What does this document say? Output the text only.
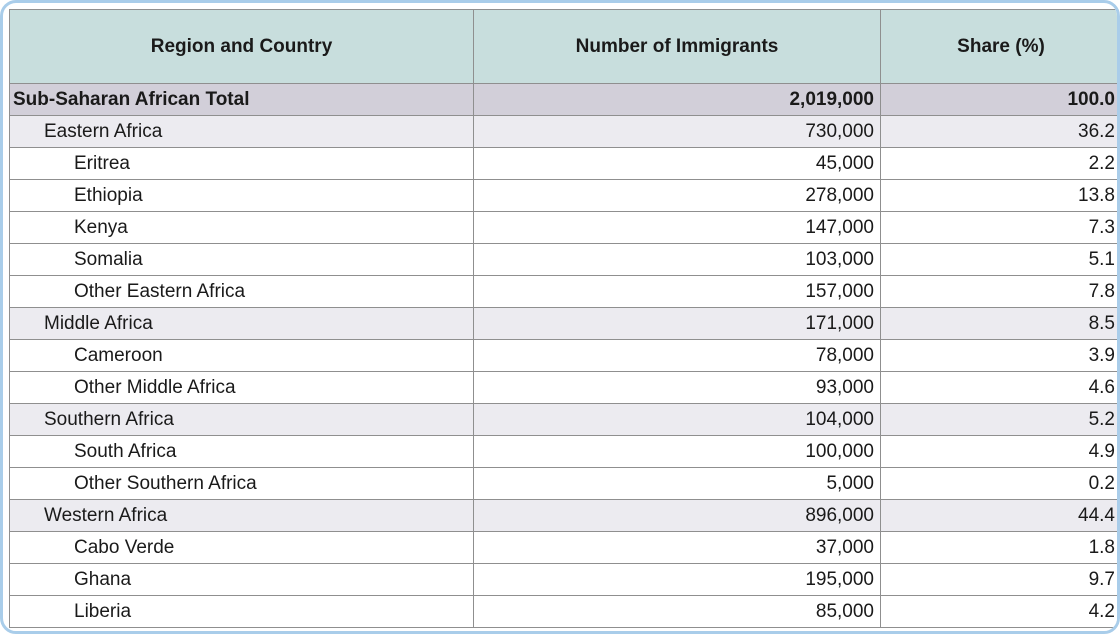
Region and Country	Number of Immigrants	Share (%)
Sub-Saharan African Total	2,019,000	100.0
Eastern Africa	730,000	36.2
Eritrea	45,000	2.2
Ethiopia	278,000	13.8
Kenya	147,000	7.3
Somalia	103,000	5.1
Other Eastern Africa	157,000	7.8
Middle Africa	171,000	8.5
Cameroon	78,000	3.9
Other Middle Africa	93,000	4.6
Southern Africa	104,000	5.2
South Africa	100,000	4.9
Other Southern Africa	5,000	0.2
Western Africa	896,000	44.4
Cabo Verde	37,000	1.8
Ghana	195,000	9.7
Liberia	85,000	4.2
